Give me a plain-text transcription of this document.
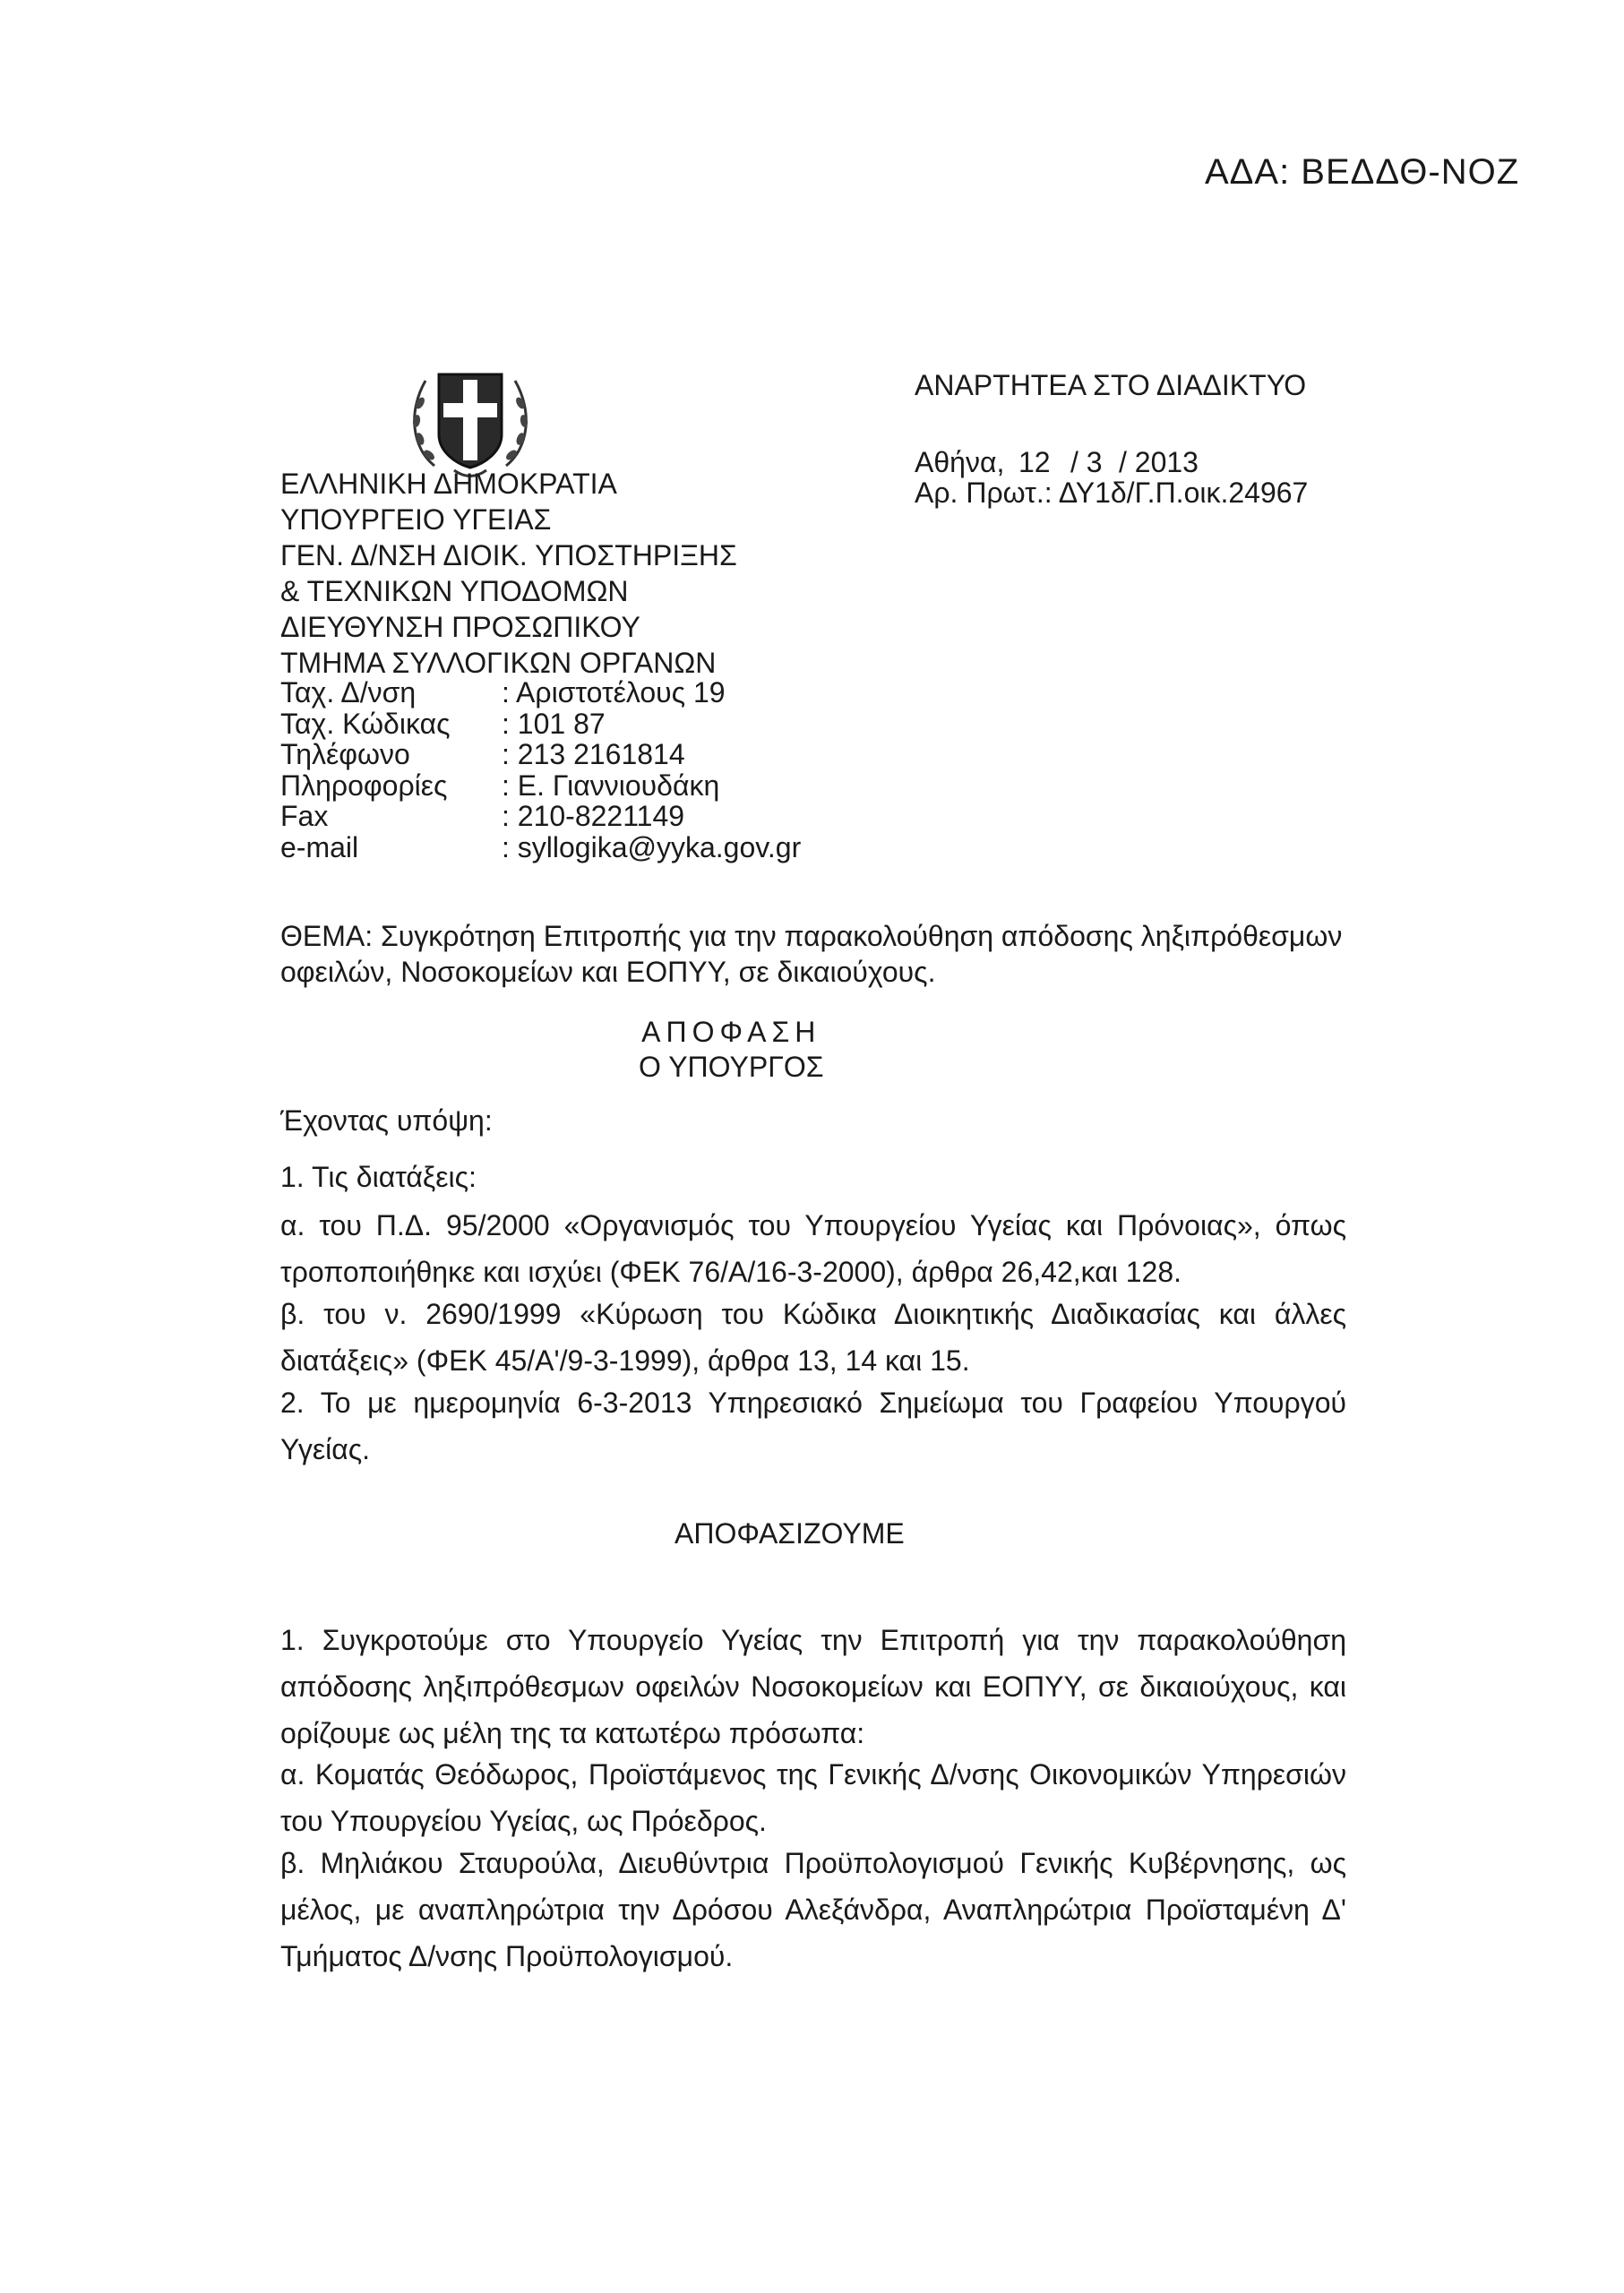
ΑΔΑ: ΒΕΔΔΘ-ΝΟΖ
ΕΛΛΗΝΙΚΗ ΔΗΜΟΚΡΑΤΙΑ
ΥΠΟΥΡΓΕΙΟ ΥΓΕΙΑΣ
ΓΕΝ. Δ/ΝΣΗ ΔΙΟΙΚ. ΥΠΟΣΤΗΡΙΞΗΣ
& ΤΕΧΝΙΚΩΝ ΥΠΟΔΟΜΩΝ
ΔΙΕΥΘΥΝΣΗ ΠΡΟΣΩΠΙΚΟΥ
ΤΜΗΜΑ ΣΥΛΛΟΓΙΚΩΝ ΟΡΓΑΝΩΝ
Ταχ. Δ/νση	: Αριστοτέλους 19
Ταχ. Κώδικας	: 101 87
Τηλέφωνο	: 213 2161814
Πληροφορίες	: Ε. Γιαννιουδάκη
Fax	: 210-8221149
e-mail	: syllogika@yyka.gov.gr
ΑΝΑΡΤΗΤΕΑ ΣΤΟ ΔΙΑΔΙΚΤΥΟ
Αθήνα, 12 / 3 / 2013
Αρ. Πρωτ.: ΔΥ1δ/Γ.Π.οικ.24967
ΘΕΜΑ: Συγκρότηση Επιτροπής για την παρακολούθηση απόδοσης ληξιπρόθεσμων οφειλών, Νοσοκομείων και ΕΟΠΥΥ, σε δικαιούχους.
ΑΠΟΦΑΣΗ
Ο ΥΠΟΥΡΓΟΣ
Έχοντας υπόψη:
1. Τις διατάξεις:

α. του Π.Δ. 95/2000 «Οργανισμός του Υπουργείου Υγείας και Πρόνοιας», όπως τροποποιήθηκε και ισχύει (ΦΕΚ 76/Α/16-3-2000), άρθρα 26,42,και 128.

β. του ν. 2690/1999 «Κύρωση του Κώδικα Διοικητικής Διαδικασίας και άλλες διατάξεις» (ΦΕΚ 45/Α'/9-3-1999), άρθρα 13, 14 και 15.

2. Το με ημερομηνία 6-3-2013 Υπηρεσιακό Σημείωμα του Γραφείου Υπουργού Υγείας.

ΑΠΟΦΑΣΙΖΟΥΜΕ

1. Συγκροτούμε στο Υπουργείο Υγείας την Επιτροπή για την παρακολούθηση απόδοσης ληξιπρόθεσμων οφειλών Νοσοκομείων και ΕΟΠΥΥ, σε δικαιούχους, και ορίζουμε ως μέλη της τα κατωτέρω πρόσωπα:

α. Κοματάς Θεόδωρος, Προϊστάμενος της Γενικής Δ/νσης Οικονομικών Υπηρεσιών του Υπουργείου Υγείας, ως Πρόεδρος.

β. Μηλιάκου Σταυρούλα, Διευθύντρια Προϋπολογισμού Γενικής Κυβέρνησης, ως μέλος, με αναπληρώτρια την Δρόσου Αλεξάνδρα, Αναπληρώτρια Προϊσταμένη Δ' Τμήματος Δ/νσης Προϋπολογισμού.
